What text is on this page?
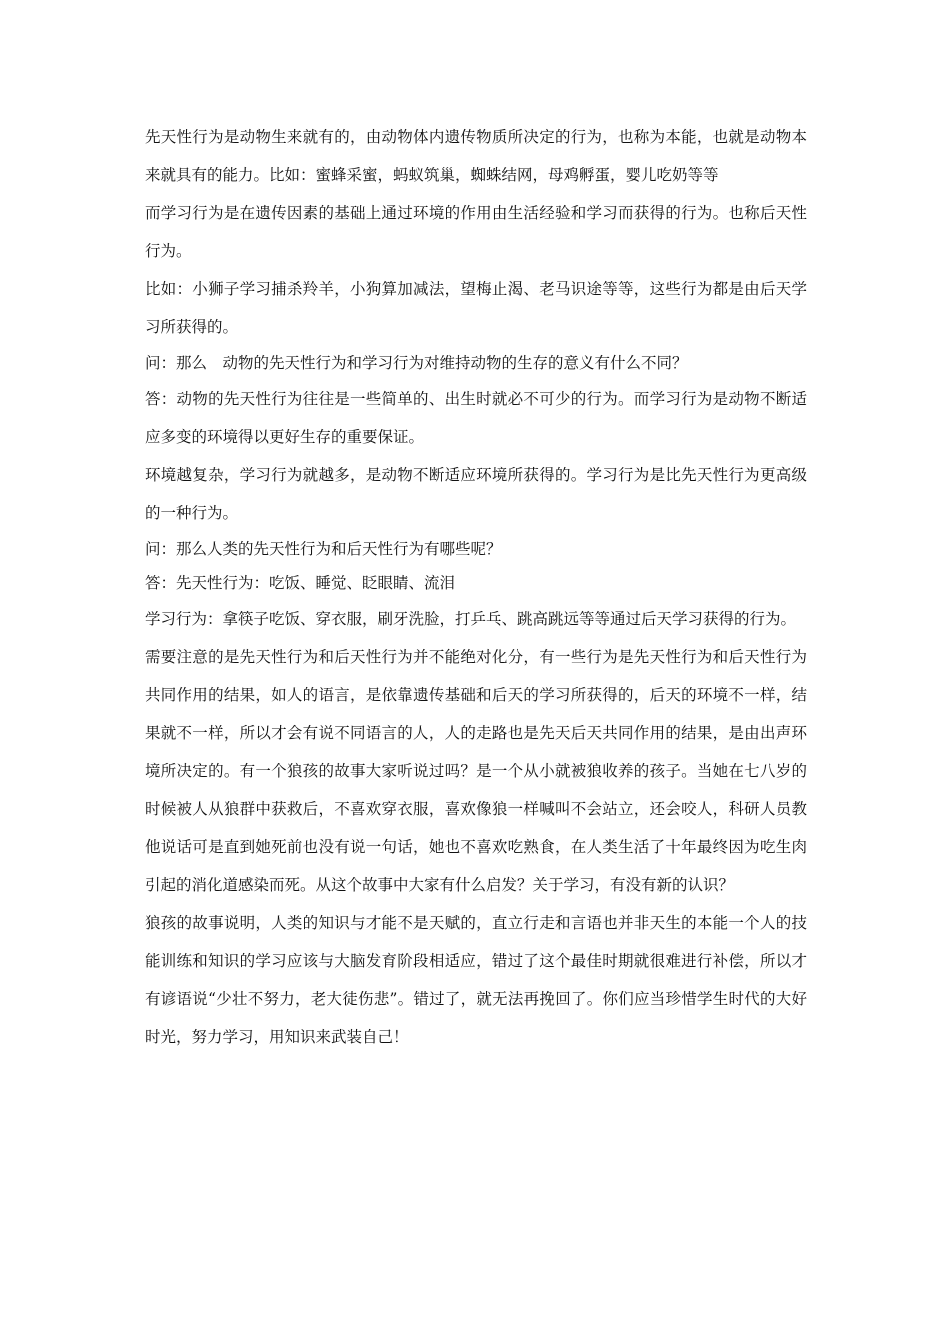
先天性行为是动物生来就有的，由动物体内遗传物质所决定的行为，也称为本能，也就是动物本来就具有的能力。比如：蜜蜂采蜜，蚂蚁筑巢，蜘蛛结网，母鸡孵蛋，婴儿吃奶等等

而学习行为是在遗传因素的基础上通过环境的作用由生活经验和学习而获得的行为。也称后天性行为。

比如：小狮子学习捕杀羚羊，小狗算加减法，望梅止渴、老马识途等等，这些行为都是由后天学习所获得的。

问：那么　动物的先天性行为和学习行为对维持动物的生存的意义有什么不同？

答：动物的先天性行为往往是一些简单的、出生时就必不可少的行为。而学习行为是动物不断适应多变的环境得以更好生存的重要保证。

环境越复杂，学习行为就越多，是动物不断适应环境所获得的。学习行为是比先天性行为更高级的一种行为。

问：那么人类的先天性行为和后天性行为有哪些呢？

答：先天性行为：吃饭、睡觉、眨眼睛、流泪

学习行为：拿筷子吃饭、穿衣服，刷牙洗脸，打乒乓、跳高跳远等等通过后天学习获得的行为。

需要注意的是先天性行为和后天性行为并不能绝对化分，有一些行为是先天性行为和后天性行为共同作用的结果，如人的语言，是依靠遗传基础和后天的学习所获得的，后天的环境不一样，结果就不一样，所以才会有说不同语言的人，人的走路也是先天后天共同作用的结果，是由出声环境所决定的。有一个狼孩的故事大家听说过吗？是一个从小就被狼收养的孩子。当她在七八岁的时候被人从狼群中获救后，不喜欢穿衣服，喜欢像狼一样喊叫不会站立，还会咬人，科研人员教他说话可是直到她死前也没有说一句话，她也不喜欢吃熟食，在人类生活了十年最终因为吃生肉引起的消化道感染而死。从这个故事中大家有什么启发？关于学习，有没有新的认识？

狼孩的故事说明，人类的知识与才能不是天赋的，直立行走和言语也并非天生的本能一个人的技能训练和知识的学习应该与大脑发育阶段相适应，错过了这个最佳时期就很难进行补偿，所以才有谚语说“少壮不努力，老大徒伤悲”。错过了，就无法再挽回了。你们应当珍惜学生时代的大好时光，努力学习，用知识来武装自己！
